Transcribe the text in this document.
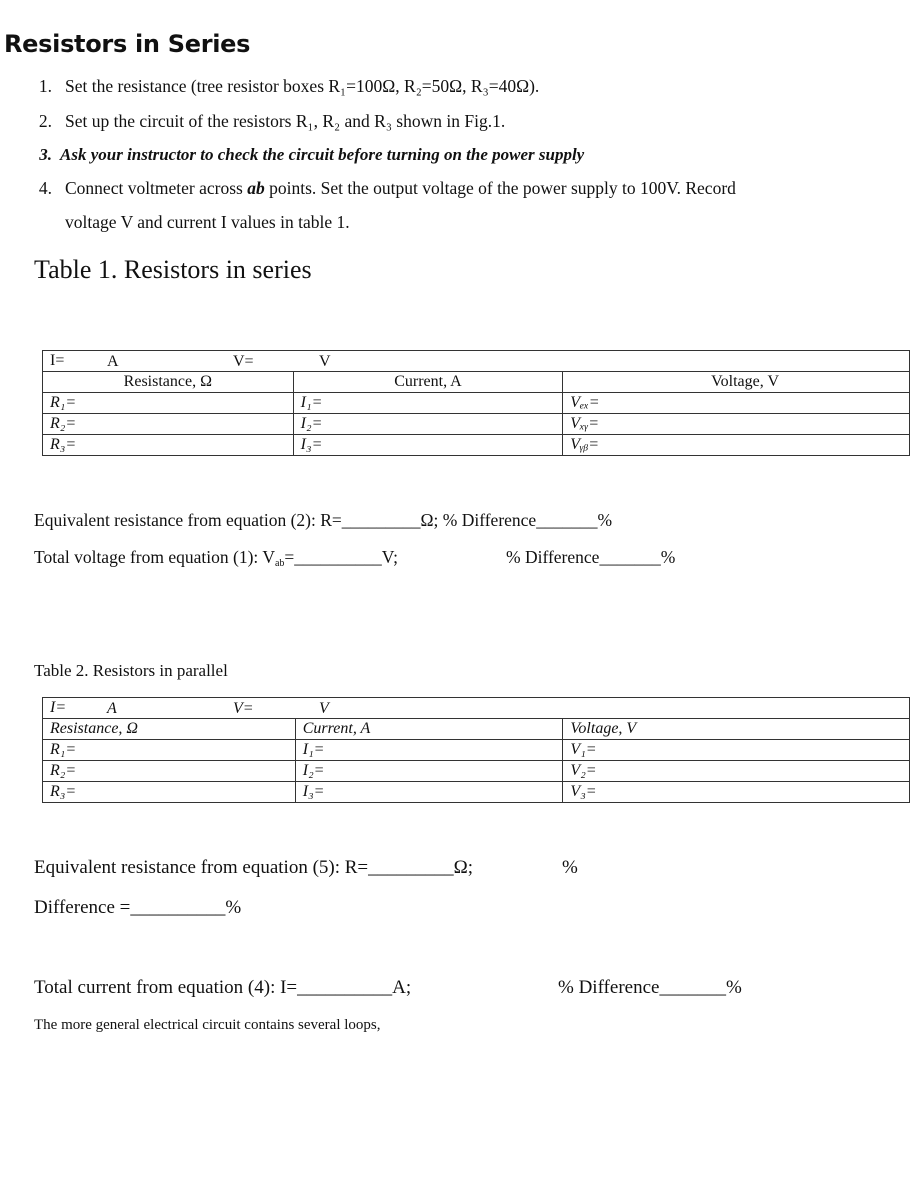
Resistors in Series
1. Set the resistance (tree resistor boxes R₁=100Ω, R₂=50Ω, R₃=40Ω).
2. Set up the circuit of the resistors R₁, R₂ and R₃ shown in Fig.1.
3. Ask your instructor to check the circuit before turning on the power supply
4. Connect voltmeter across ab points. Set the output voltage of the power supply to 100V. Record
voltage V and current I values in table 1.
Table 1. Resistors in series
I= A V= V		

Resistance, Ω	Current, A	Voltage, V
R₁=	I₁=	Vₑₓ=
R₂=	I₂=	Vₓᵧ=
R₃=	I₃=	Vᵧᵦ=
Equivalent resistance from equation (2): R=_________Ω; % Difference_______%
Total voltage from equation (1): $V_{ab}=\_\_\_\_\_\_\_\_\_\_V$;	% Difference_______%
Table 2. Resistors in parallel
I= A V= V		

Resistance, Ω	Current, A	Voltage, V
R₁=	I₁=	V₁=
R₂=	I₂=	V₂=
R₃=	I₃=	V₃=
Equivalent resistance from equation (5): R=_________Ω;	%
Difference =__________%
Total current from equation (4): I=__________A;	% Difference_______%
The more general electrical circuit contains several loops,
